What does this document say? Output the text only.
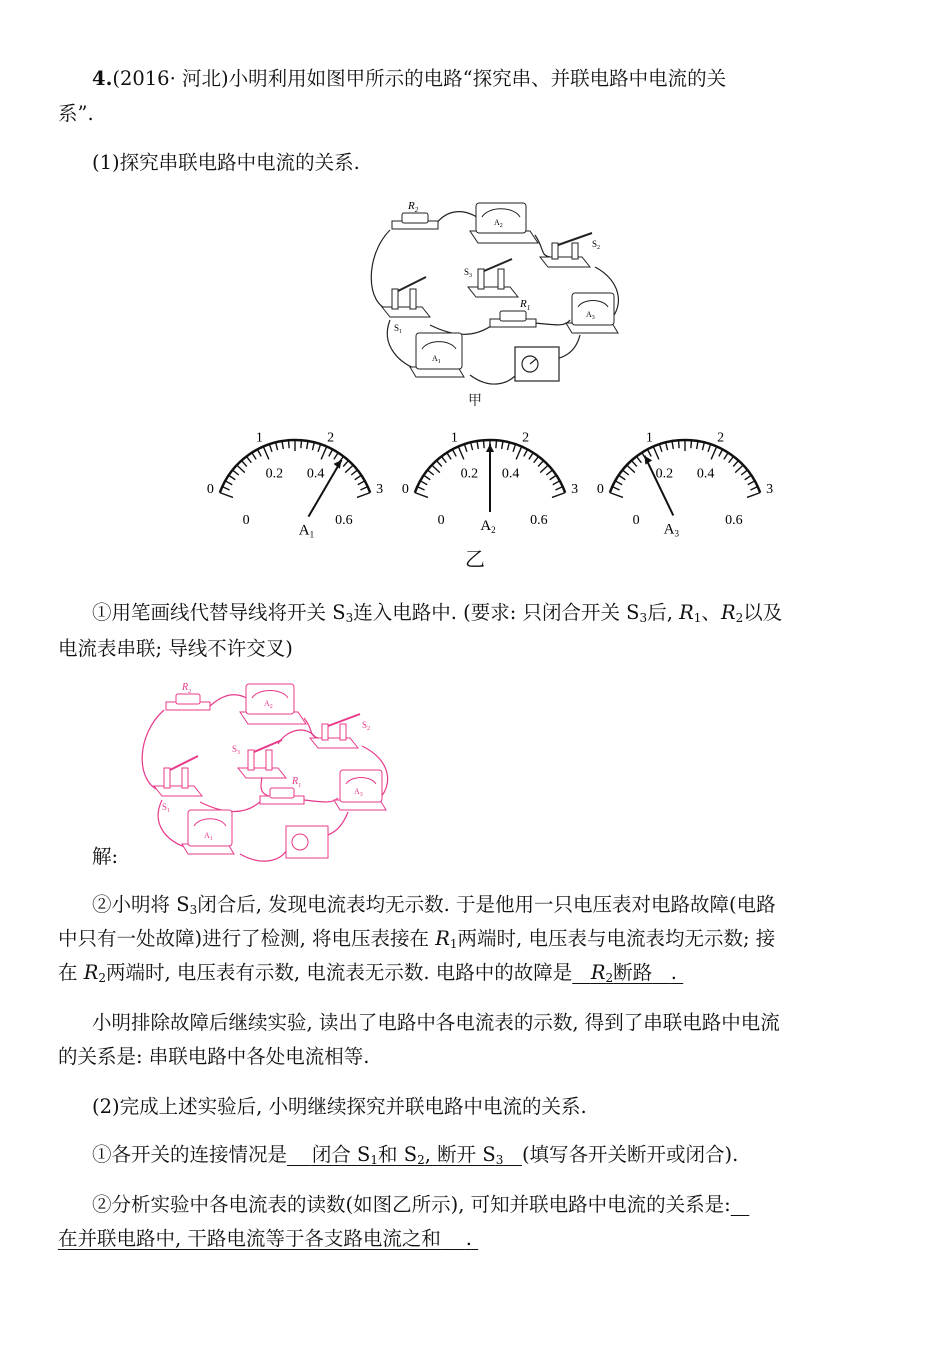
4.(2016· 河北)小明利用如图甲所示的电路“探究串、并联电路中电流的关
系”.
(1)探究串联电路中电流的关系.
$R_2$
$A_2$
$S_2$
$S_3$
$S_1$
$R_1$
$A_3$
$A_1$
甲
0
1	2
3
0
0.2 0.4
0.6
$A_1$
0
1	2
3
0
0.2 0.4
0.6
$A_2$
0
1	2
3
0
0.2 0.4
0.6
$A_3$
乙
①用笔画线代替导线将开关 $S_3$连入电路中. (要求: 只闭合开关 $S_3$后, $R_1$、$R_2$以及
电流表串联; 导线不许交叉)
$R_2$
$S_2$
$S_3$
$S_1$
$R_1$
$A_2$
$A_3$
$A_1$
解:
②小明将 $S_3$闭合后, 发现电流表均无示数. 于是他用一只电压表对电路故障(电路
中只有一处故障)进行了检测, 将电压表接在 $R_1$两端时, 电压表与电流表均无示数; 接
在 $R_2$两端时, 电压表有示数, 电流表无示数. 电路中的故障是 $R_2$断路 .
小明排除故障后继续实验, 读出了电路中各电流表的示数, 得到了串联电路中电流
的关系是: 串联电路中各处电流相等.
(2)完成上述实验后, 小明继续探究并联电路中电流的关系.
①各开关的连接情况是 闭合 $S_1$和 $S_2$, 断开 $S_3$ (填写各开关断开或闭合).
②分析实验中各电流表的读数(如图乙所示), 可知并联电路中电流的关系是:
在并联电路中, 干路电流等于各支路电流之和 .
